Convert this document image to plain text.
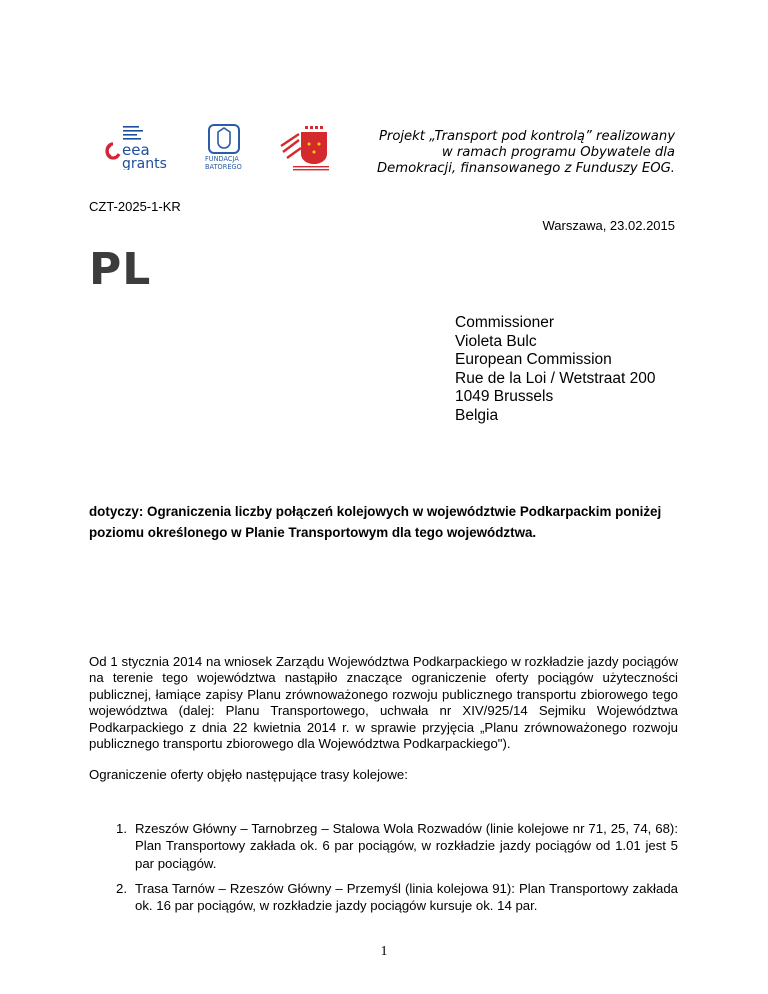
eea
grants	FUNDACJA
BATOREGO
Projekt „Transport pod kontrolą” realizowany
w ramach programu Obywatele dla
Demokracji, finansowanego z Funduszy EOG.
CZT-2025-1-KR
Warszawa, 23.02.2015
PL
Commissioner
Violeta Bulc
European Commission
Rue de la Loi / Wetstraat 200
1049 Brussels
Belgia
dotyczy: Ograniczenia liczby połączeń kolejowych w województwie Podkarpackim poniżej
poziomu określonego w Planie Transportowym dla tego województwa.
Od 1 stycznia 2014 na wniosek Zarządu Województwa Podkarpackiego w rozkładzie jazdy pociągów na terenie tego województwa nastąpiło znaczące ograniczenie oferty pociągów użyteczności publicznej, łamiące zapisy Planu zrównoważonego rozwoju publicznego transportu zbiorowego tego województwa (dalej: Planu Transportowego, uchwała nr XIV/925/14 Sejmiku Województwa Podkarpackiego z dnia 22 kwietnia 2014 r. w sprawie przyjęcia „Planu zrównoważonego rozwoju publicznego transportu zbiorowego dla Województwa Podkarpackiego").
Ograniczenie oferty objęło następujące trasy kolejowe:
1. Rzeszów Główny – Tarnobrzeg – Stalowa Wola Rozwadów (linie kolejowe nr 71, 25, 74, 68): Plan Transportowy zakłada ok. 6 par pociągów, w rozkładzie jazdy pociągów od 1.01 jest 5 par pociągów.
2. Trasa Tarnów – Rzeszów Główny – Przemyśl (linia kolejowa 91): Plan Transportowy zakłada ok. 16 par pociągów, w rozkładzie jazdy pociągów kursuje ok. 14 par.
1
